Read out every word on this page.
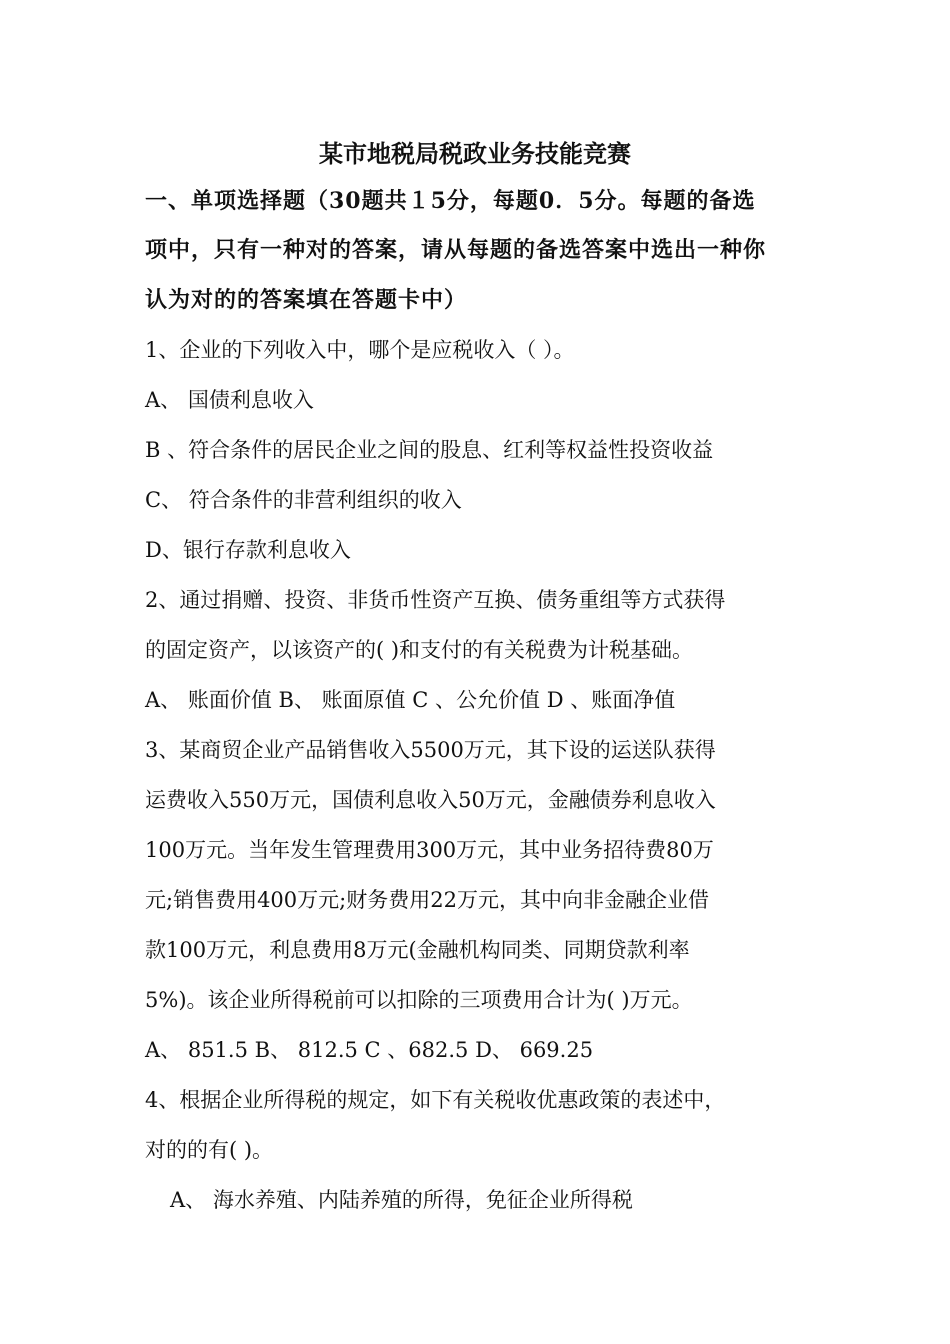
某市地税局税政业务技能竞赛
一、单项选择题（30题共１5分，每题0．5分。每题的备选
项中，只有一种对的答案，请从每题的备选答案中选出一种你
认为对的的答案填在答题卡中）
1、企业的下列收入中，哪个是应税收入（ ）。
A、 国债利息收入
B 、符合条件的居民企业之间的股息、红利等权益性投资收益
C、 符合条件的非营利组织的收入
D、银行存款利息收入
2、通过捐赠、投资、非货币性资产互换、债务重组等方式获得
的固定资产，以该资产的( )和支付的有关税费为计税基础。
A、 账面价值 B、 账面原值 C 、公允价值 D 、账面净值
3、某商贸企业产品销售收入5500万元，其下设的运送队获得
运费收入550万元，国债利息收入50万元，金融债券利息收入
100万元。当年发生管理费用300万元，其中业务招待费80万
元;销售费用400万元;财务费用22万元，其中向非金融企业借
款100万元，利息费用8万元(金融机构同类、同期贷款利率
5%)。该企业所得税前可以扣除的三项费用合计为( )万元。
A、 851.5 B、 812.5 C 、682.5 D、 669.25
4、根据企业所得税的规定，如下有关税收优惠政策的表述中，
对的的有( )。
A、 海水养殖、内陆养殖的所得，免征企业所得税
